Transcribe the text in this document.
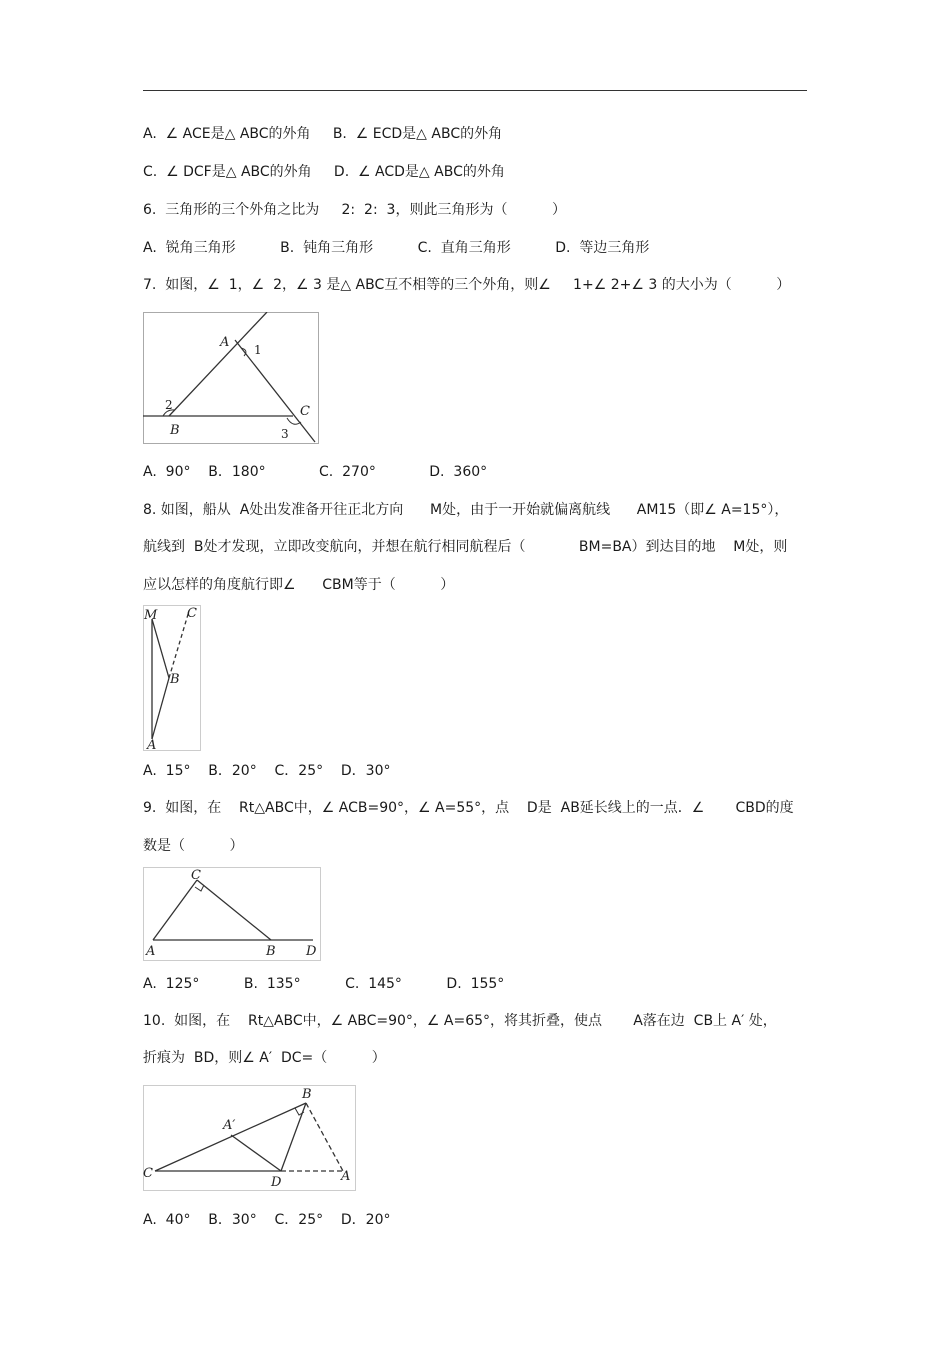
A.  ∠ ACE是△ ABC的外角     B.  ∠ ECD是△ ABC的外角
C.  ∠ DCF是△ ABC的外角     D.  ∠ ACD是△ ABC的外角
6.  三角形的三个外角之比为     2:  2:  3，则此三角形为（          ）
A.  锐角三角形          B.  钝角三角形          C.  直角三角形          D.  等边三角形
7.  如图，∠  1，∠  2，∠ 3 是△ ABC互不相等的三个外角，则∠     1+∠ 2+∠ 3 的大小为（          ）
A 1
2
B
C
3
A.  90°    B．180°            C.  270°            D.  360°
8. 如图，船从  A处出发准备开往正北方向      M处，由于一开始就偏离航线      AM15（即∠ A=15°），
航线到  B处才发现，立即改变航向，并想在航行相同航程后（            BM=BA）到达目的地    M处，则
应以怎样的角度航行即∠      CBM等于（          ）
M C
B
A
A.  15°    B．20°    C．25°    D．30°
9.  如图，在    Rt△ABC中，∠ ACB=90°，∠ A=55°，点    D是  AB延长线上的一点．∠       CBD的度
数是（          ）
C
A	B D
A.  125°          B.  135°          C.  145°          D.  155°
10.  如图，在    Rt△ABC中，∠ ABC=90°，∠ A=65°，将其折叠，使点       A落在边  CB上 A′ 处，
折痕为  BD，则∠ A′  DC=（          ）
B
A′
C
D	A
A.  40°    B．30°    C．25°    D．20°
